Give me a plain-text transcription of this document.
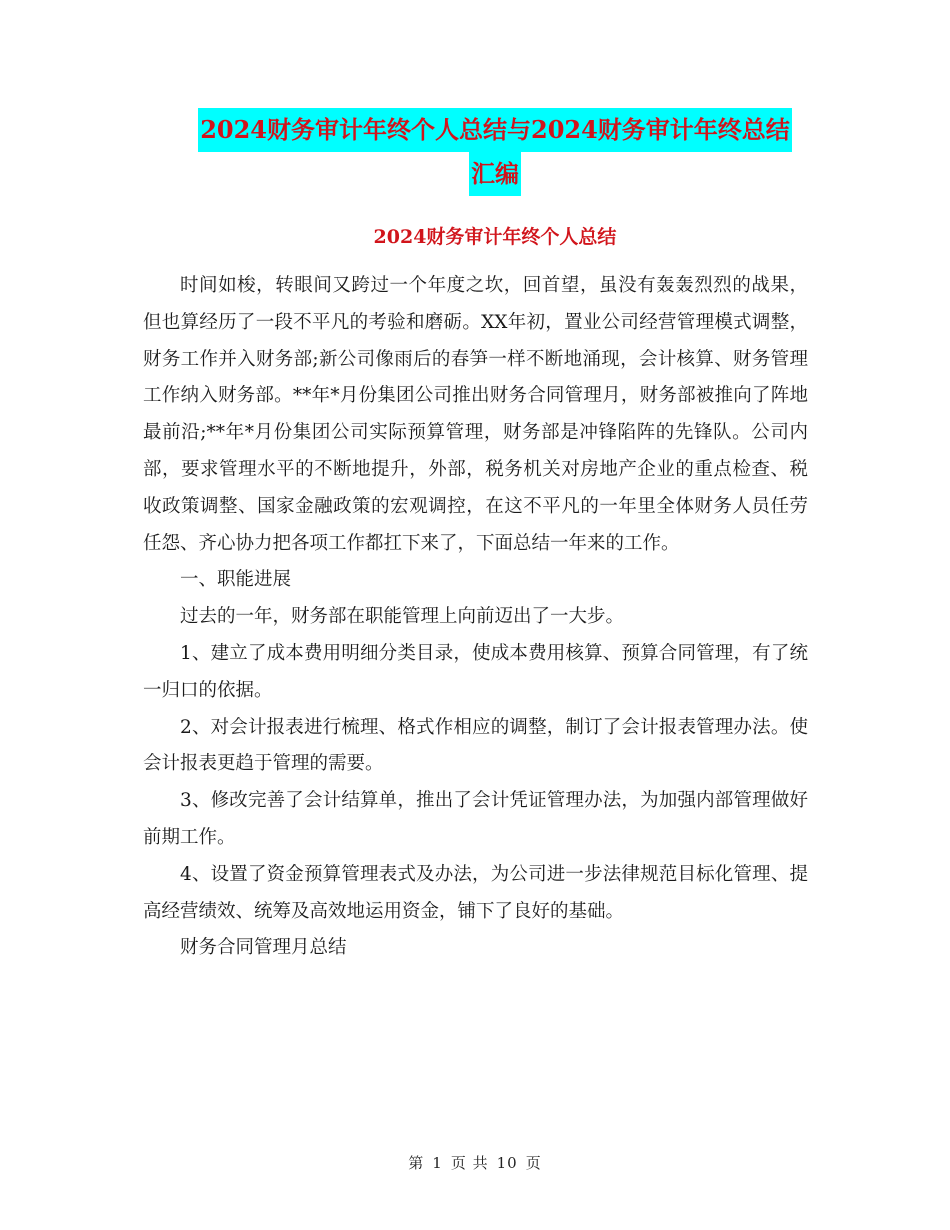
2024财务审计年终个人总结与2024财务审计年终总结
汇编
2024财务审计年终个人总结

时间如梭，转眼间又跨过一个年度之坎，回首望，虽没有轰轰烈烈的战果，但也算经历了一段不平凡的考验和磨砺。XX年初，置业公司经营管理模式调整，财务工作并入财务部;新公司像雨后的春笋一样不断地涌现，会计核算、财务管理工作纳入财务部。**年*月份集团公司推出财务合同管理月，财务部被推向了阵地最前沿;**年*月份集团公司实际预算管理，财务部是冲锋陷阵的先锋队。公司内部，要求管理水平的不断地提升，外部，税务机关对房地产企业的重点检查、税收政策调整、国家金融政策的宏观调控，在这不平凡的一年里全体财务人员任劳任怨、齐心协力把各项工作都扛下来了，下面总结一年来的工作。

一、职能进展

过去的一年，财务部在职能管理上向前迈出了一大步。

1、建立了成本费用明细分类目录，使成本费用核算、预算合同管理，有了统一归口的依据。

2、对会计报表进行梳理、格式作相应的调整，制订了会计报表管理办法。使会计报表更趋于管理的需要。

3、修改完善了会计结算单，推出了会计凭证管理办法，为加强内部管理做好前期工作。

4、设置了资金预算管理表式及办法，为公司进一步法律规范目标化管理、提高经营绩效、统筹及高效地运用资金，铺下了良好的基础。

财务合同管理月总结

第 1 页 共 10 页
